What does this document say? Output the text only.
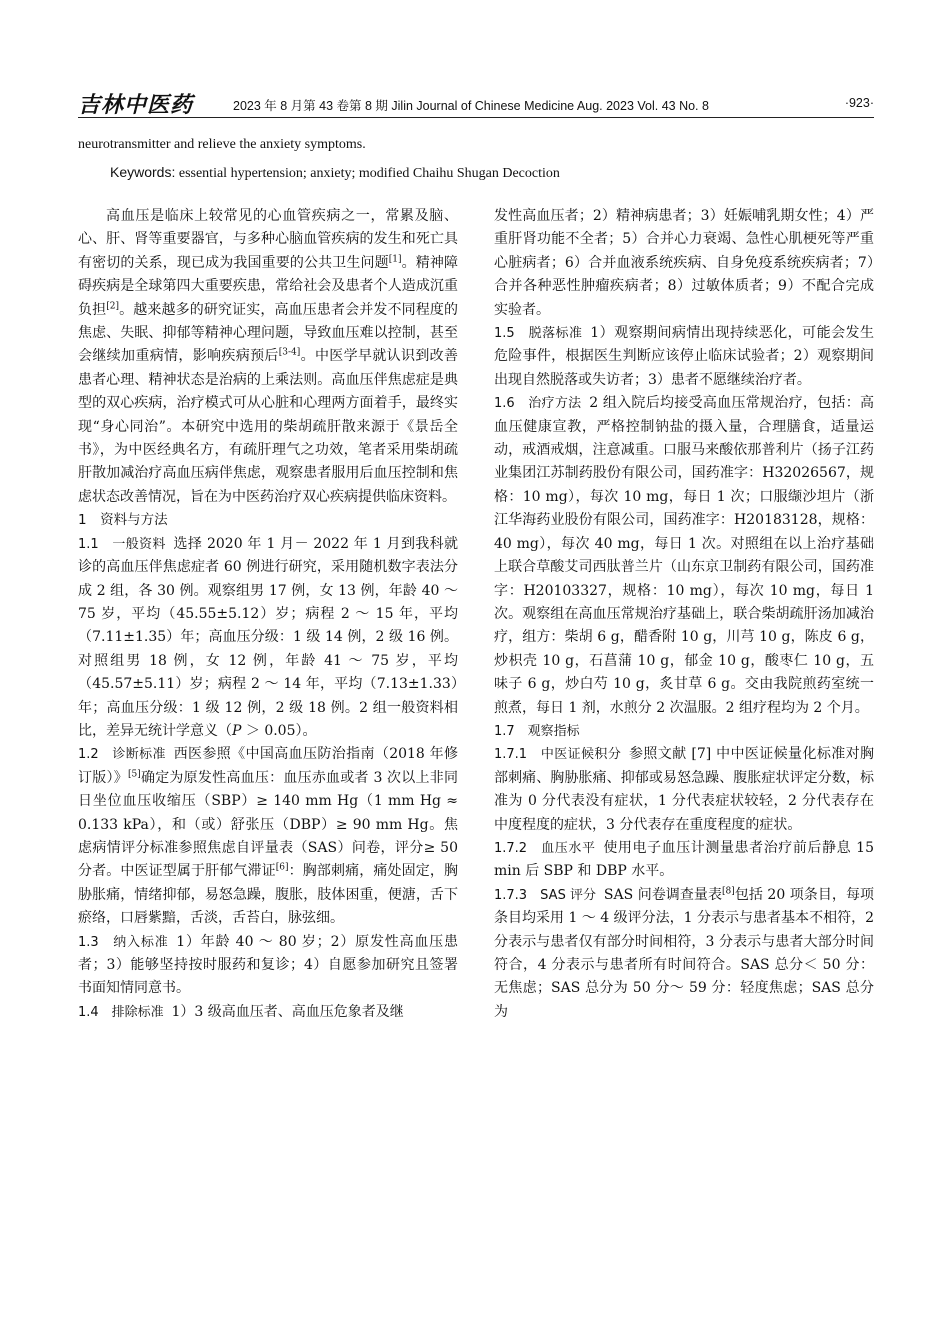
吉林中医药	2023 年 8 月第 43 卷第 8 期 Jilin Journal of Chinese Medicine Aug. 2023 Vol. 43 No. 8	·923·
neurotransmitter and relieve the anxiety symptoms.
Keywords: essential hypertension; anxiety; modified Chaihu Shugan Decoction

高血压是临床上较常见的心血管疾病之一，常累及脑、心、肝、肾等重要器官，与多种心脑血管疾病的发生和死亡具有密切的关系，现已成为我国重要的公共卫生问题[1]。精神障碍疾病是全球第四大重要疾患，常给社会及患者个人造成沉重负担[2]。越来越多的研究证实，高血压患者会并发不同程度的焦虑、失眠、抑郁等精神心理问题，导致血压难以控制，甚至会继续加重病情，影响疾病预后[3-4]。中医学早就认识到改善患者心理、精神状态是治病的上乘法则。高血压伴焦虑症是典型的双心疾病，治疗模式可从心脏和心理两方面着手，最终实现“身心同治”。本研究中选用的柴胡疏肝散来源于《景岳全书》，为中医经典名方，有疏肝理气之功效，笔者采用柴胡疏肝散加减治疗高血压病伴焦虑，观察患者服用后血压控制和焦虑状态改善情况，旨在为中医药治疗双心疾病提供临床资料。

1　资料与方法

1.1　一般资料 选择 2020 年 1 月－ 2022 年 1 月到我科就诊的高血压伴焦虑症者 60 例进行研究，采用随机数字表法分成 2 组，各 30 例。观察组男 17 例，女 13 例，年龄 40 ～ 75 岁，平均（45.55±5.12）岁；病程 2 ～ 15 年，平均（7.11±1.35）年；高血压分级：1 级 14 例，2 级 16 例。对照组男 18 例，女 12 例，年龄 41 ～ 75 岁，平均（45.57±5.11）岁；病程 2 ～ 14 年，平均（7.13±1.33）年；高血压分级：1 级 12 例，2 级 18 例。2 组一般资料相比，差异无统计学意义（P ＞ 0.05）。

1.2　诊断标准 西医参照《中国高血压防治指南（2018 年修订版）》[5]确定为原发性高血压：血压赤血或者 3 次以上非同日坐位血压收缩压（SBP）≥ 140 mm Hg（1 mm Hg ≈ 0.133 kPa），和（或）舒张压（DBP）≥ 90 mm Hg。焦虑病情评分标准参照焦虑自评量表（SAS）问卷，评分≥ 50 分者。中医证型属于肝郁气滞证[6]：胸部刺痛，痛处固定，胸胁胀痛，情绪抑郁，易怒急躁，腹胀，肢体困重，便溏，舌下瘀络，口唇紫黯，舌淡，舌苔白，脉弦细。

1.3　纳入标准 1）年龄 40 ～ 80 岁；2）原发性高血压患者；3）能够坚持按时服药和复诊；4）自愿参加研究且签署书面知情同意书。

1.4　排除标准 1）3 级高血压者、高血压危象者及继

发性高血压者；2）精神病患者；3）妊娠哺乳期女性；4）严重肝肾功能不全者；5）合并心力衰竭、急性心肌梗死等严重心脏病者；6）合并血液系统疾病、自身免疫系统疾病者；7）合并各种恶性肿瘤疾病者；8）过敏体质者；9）不配合完成实验者。

1.5　脱落标准 1）观察期间病情出现持续恶化，可能会发生危险事件，根据医生判断应该停止临床试验者；2）观察期间出现自然脱落或失访者；3）患者不愿继续治疗者。

1.6　治疗方法 2 组入院后均接受高血压常规治疗，包括：高血压健康宣教，严格控制钠盐的摄入量，合理膳食，适量运动，戒酒戒烟，注意减重。口服马来酸依那普利片（扬子江药业集团江苏制药股份有限公司，国药准字：H32026567，规格：10 mg），每次 10 mg，每日 1 次；口服缬沙坦片（浙江华海药业股份有限公司，国药准字：H20183128，规格：40 mg），每次 40 mg，每日 1 次。对照组在以上治疗基础上联合草酸艾司西肽普兰片（山东京卫制药有限公司，国药准字：H20103327，规格：10 mg），每次 10 mg，每日 1 次。观察组在高血压常规治疗基础上，联合柴胡疏肝汤加减治疗，组方：柴胡 6 g，醋香附 10 g，川芎 10 g，陈皮 6 g，炒枳壳 10 g，石菖蒲 10 g，郁金 10 g，酸枣仁 10 g，五味子 6 g，炒白芍 10 g，炙甘草 6 g。交由我院煎药室统一煎煮，每日 1 剂，水煎分 2 次温服。2 组疗程均为 2 个月。

1.7　观察指标

1.7.1　中医证候积分 参照文献 [7] 中中医证候量化标准对胸部刺痛、胸胁胀痛、抑郁或易怒急躁、腹胀症状评定分数，标准为 0 分代表没有症状，1 分代表症状较轻，2 分代表存在中度程度的症状，3 分代表存在重度程度的症状。

1.7.2　血压水平 使用电子血压计测量患者治疗前后静息 15 min 后 SBP 和 DBP 水平。

1.7.3　SAS 评分 SAS 问卷调查量表[8]包括 20 项条目，每项条目均采用 1 ～ 4 级评分法，1 分表示与患者基本不相符，2 分表示与患者仅有部分时间相符，3 分表示与患者大部分时间符合，4 分表示与患者所有时间符合。SAS 总分＜ 50 分：无焦虑；SAS 总分为 50 分～ 59 分：轻度焦虑；SAS 总分为
